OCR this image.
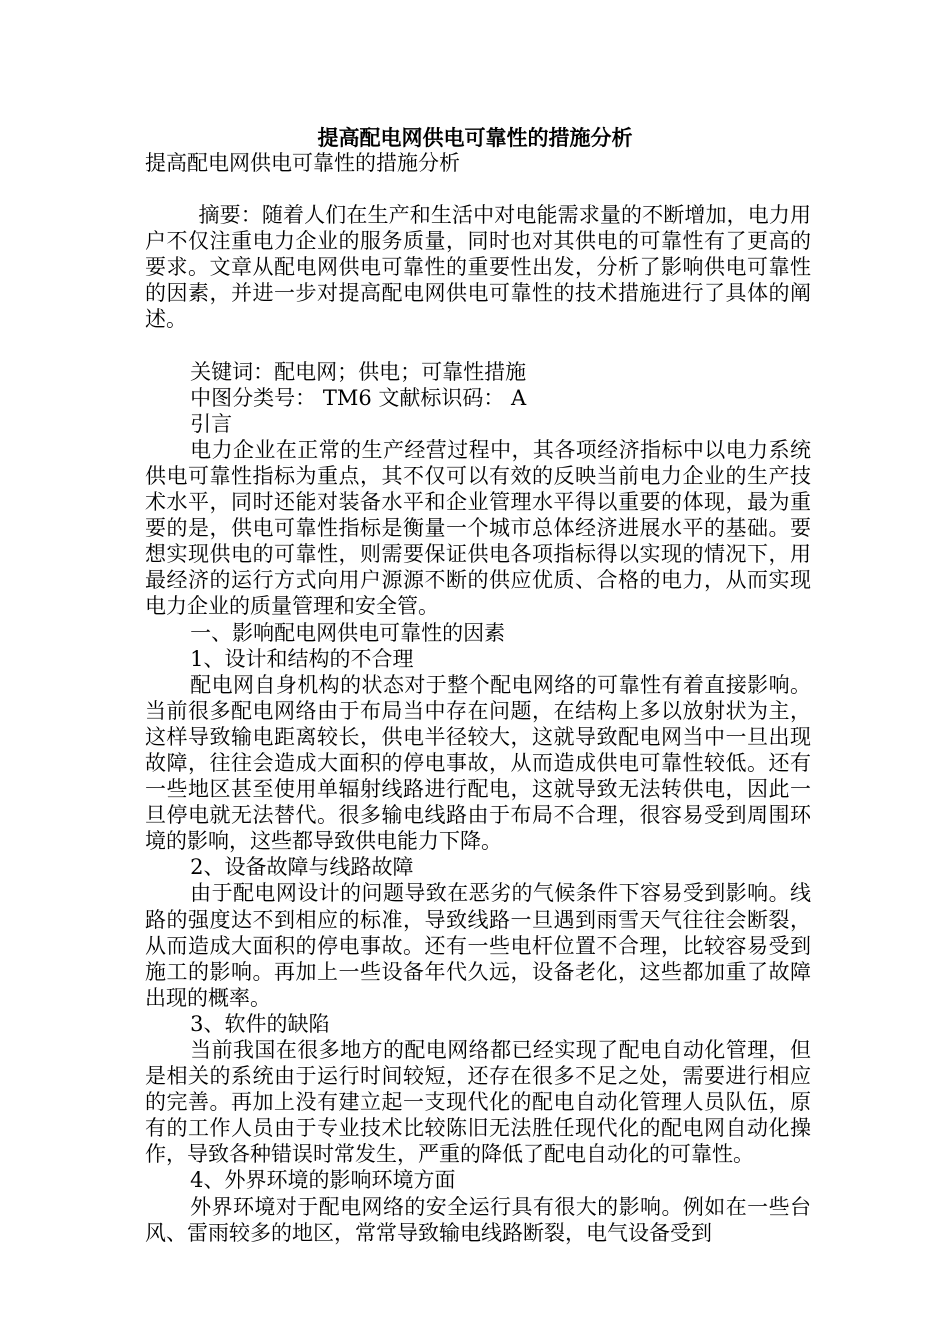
提高配电网供电可靠性的措施分析

提高配电网供电可靠性的措施分析

摘要：随着人们在生产和生活中对电能需求量的不断增加，电力用户不仅注重电力企业的服务质量，同时也对其供电的可靠性有了更高的要求。文章从配电网供电可靠性的重要性出发，分析了影响供电可靠性的因素，并进一步对提高配电网供电可靠性的技术措施进行了具体的阐述。

关键词：配电网；供电；可靠性措施

中图分类号： TM6 文献标识码： A

引言

电力企业在正常的生产经营过程中，其各项经济指标中以电力系统供电可靠性指标为重点，其不仅可以有效的反映当前电力企业的生产技术水平，同时还能对装备水平和企业管理水平得以重要的体现，最为重要的是，供电可靠性指标是衡量一个城市总体经济进展水平的基础。要想实现供电的可靠性，则需要保证供电各项指标得以实现的情况下，用最经济的运行方式向用户源源不断的供应优质、合格的电力，从而实现电力企业的质量管理和安全管。

一、影响配电网供电可靠性的因素

1、设计和结构的不合理

配电网自身机构的状态对于整个配电网络的可靠性有着直接影响。当前很多配电网络由于布局当中存在问题，在结构上多以放射状为主，这样导致输电距离较长，供电半径较大，这就导致配电网当中一旦出现故障，往往会造成大面积的停电事故，从而造成供电可靠性较低。还有一些地区甚至使用单辐射线路进行配电，这就导致无法转供电，因此一旦停电就无法替代。很多输电线路由于布局不合理，很容易受到周围环境的影响，这些都导致供电能力下降。

2、设备故障与线路故障

由于配电网设计的问题导致在恶劣的气候条件下容易受到影响。线路的强度达不到相应的标准，导致线路一旦遇到雨雪天气往往会断裂，从而造成大面积的停电事故。还有一些电杆位置不合理，比较容易受到施工的影响。再加上一些设备年代久远，设备老化，这些都加重了故障出现的概率。

3、软件的缺陷

当前我国在很多地方的配电网络都已经实现了配电自动化管理，但是相关的系统由于运行时间较短，还存在很多不足之处，需要进行相应的完善。再加上没有建立起一支现代化的配电自动化管理人员队伍，原有的工作人员由于专业技术比较陈旧无法胜任现代化的配电网自动化操作，导致各种错误时常发生，严重的降低了配电自动化的可靠性。

4、外界环境的影响环境方面

外界环境对于配电网络的安全运行具有很大的影响。例如在一些台风、雷雨较多的地区，常常导致输电线路断裂，电气设备受到
